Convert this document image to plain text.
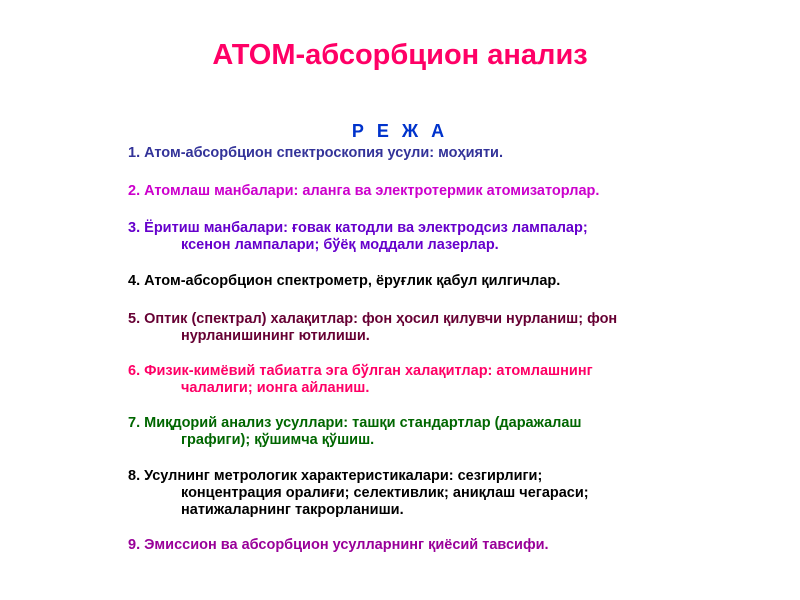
АТОМ-абсорбцион анализ
Р Е Ж А
1. Атом-абсорбцион спектроскопия усули: моҳияти.
2. Атомлаш манбалари: аланга ва электротермик атомизаторлар.
3. Ёритиш манбалари: ғовак катодли ва электродсиз лампалар;
ксенон лампалари; бўёқ моддали лазерлар.
4. Атом-абсорбцион спектрометр, ёруғлик қабул қилгичлар.
5. Оптик (спектрал) халақитлар: фон ҳосил қилувчи нурланиш; фон
нурланишининг ютилиши.
6. Физик-кимёвий табиатга эга бўлган халақитлар: атомлашнинг
чалалиги; ионга айланиш.
7. Миқдорий анализ усуллари: ташқи стандартлар (даражалаш
графиги); қўшимча қўшиш.
8. Усулнинг метрологик характеристикалари: сезгирлиги;
концентрация оралиғи; селективлик; аниқлаш чегараси;
натижаларнинг такрорланиши.
9. Эмиссион ва абсорбцион усулларнинг қиёсий тавсифи.
